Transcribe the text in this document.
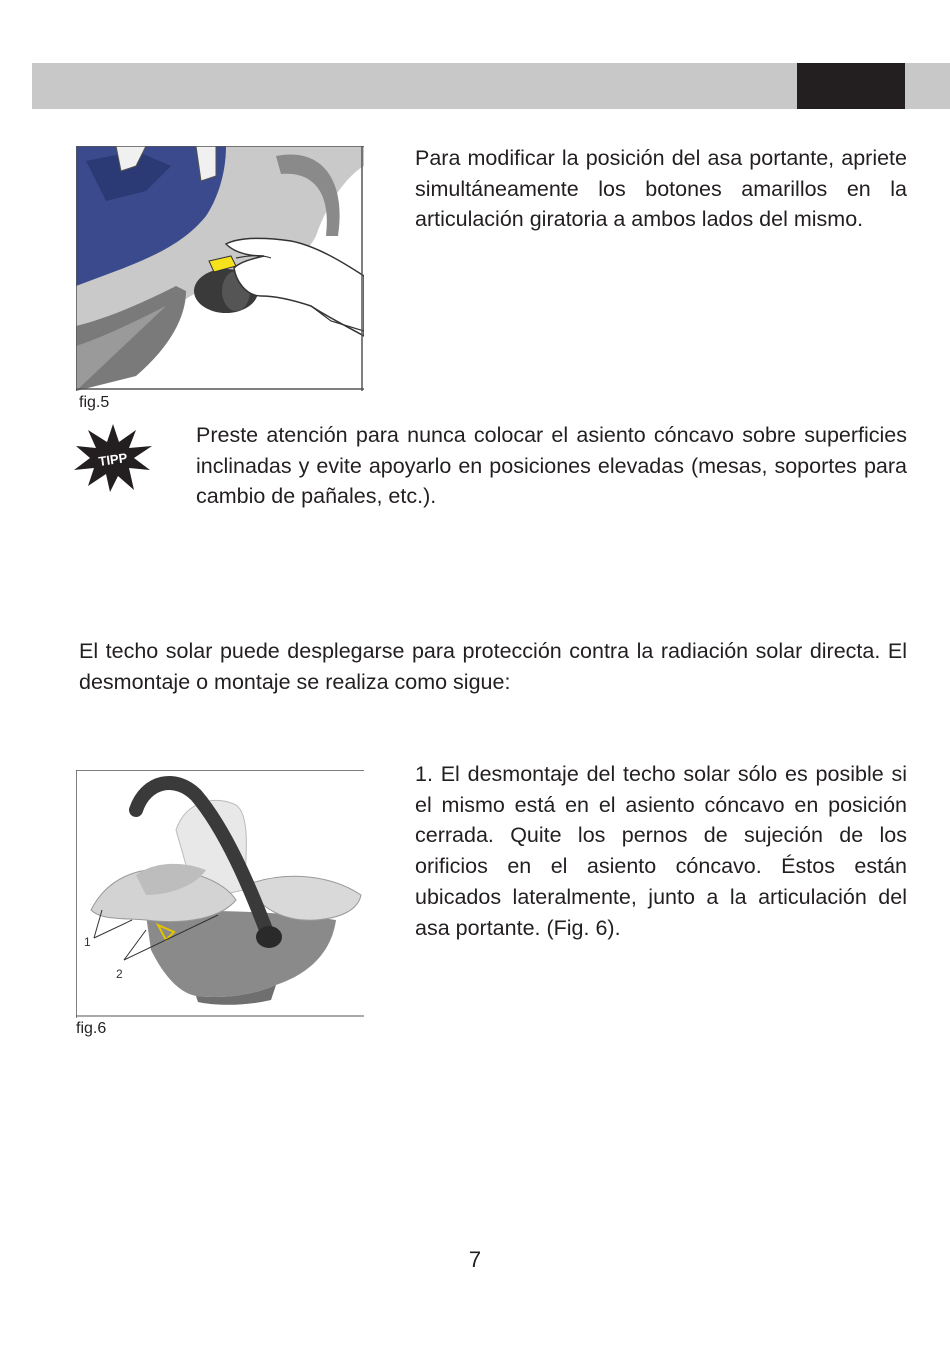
fig.5
Para modificar la posición del asa portante, apriete simultáneamente los botones amarillos en la articulación giratoria a ambos lados del mismo.
TIPP
Preste atención para nunca colocar el asiento cóncavo sobre superficies inclinadas y evite apoyarlo en posiciones elevadas (mesas, soportes para cambio de pañales, etc.).
El techo solar puede desplegarse para protección contra la radiación solar directa. El desmontaje o montaje se realiza como sigue:
1
2
fig.6
1. El desmontaje del techo solar sólo es posible si el mismo está en el asiento cóncavo en posición cerrada. Quite los pernos de sujeción de los orificios en el asiento cóncavo. Éstos están ubicados lateralmente, junto a la articulación del asa portante. (Fig. 6).
7
